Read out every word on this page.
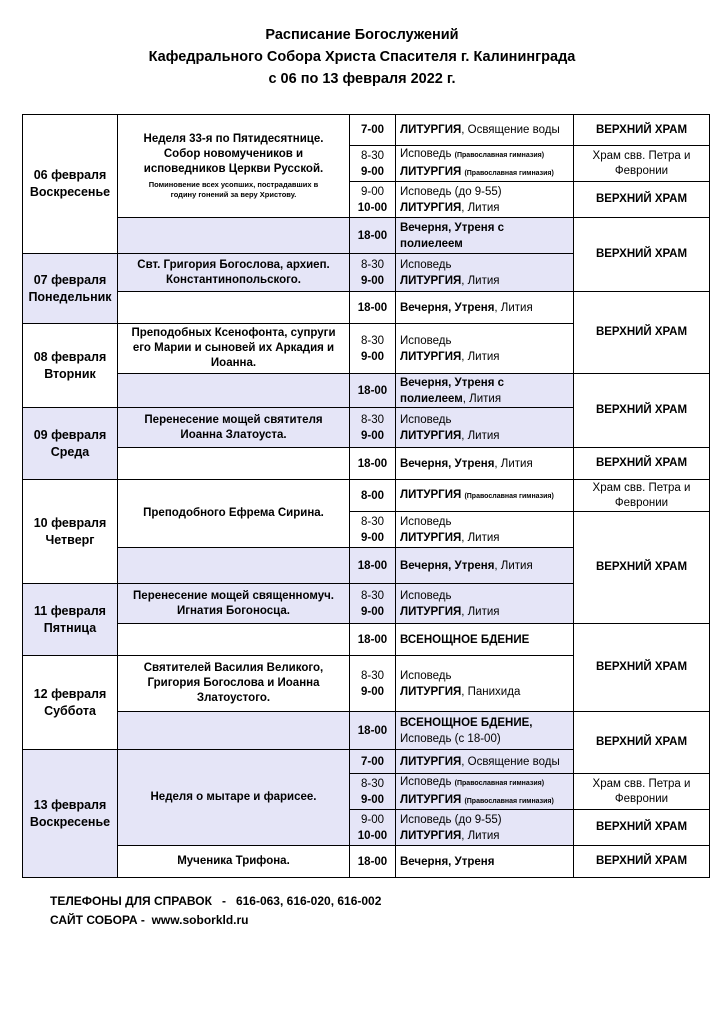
Расписание Богослужений
Кафедрального Собора Христа Спасителя г. Калининграда
с 06 по 13 февраля 2022 г.
06 февраля
Воскресенье
07 февраля
Понедельник
08 февраля
Вторник
09 февраля
Среда
10 февраля
Четверг
11 февраля
Пятница
12 февраля
Суббота
13 февраля
Воскресенье
Неделя 33-я по Пятидесятнице.
Собор новомучеников и
исповедников Церкви Русской.
Поминовение всех усопших, пострадавших в
годину гонений за веру Христову.
Свт. Григория Богослова, архиеп.
Константинопольского.
Преподобных Ксенофонта, супруги
его Марии и сыновей их Аркадия и
Иоанна.
Перенесение мощей святителя
Иоанна Златоуста.
Преподобного Ефрема Сирина.
Перенесение мощей священномуч.
Игнатия Богоносца.
Святителей Василия Великого,
Григория Богослова и Иоанна
Златоустого.
Неделя о мытаре и фарисее.
Мученика Трифона.
7-00 ЛИТУРГИЯ, Освящение воды
8-30
9-00
Исповедь (Православная гимназия)
ЛИТУРГИЯ (Православная гимназия)
9-00
10-00
Исповедь (до 9-55)
ЛИТУРГИЯ, Лития
18-00
Вечерня, Утреня с
полиелеем
8-30
9-00
Исповедь
ЛИТУРГИЯ, Лития
18-00 Вечерня, Утреня, Лития
8-30
9-00
Исповедь
ЛИТУРГИЯ, Лития
18-00
Вечерня, Утреня с
полиелеем, Лития
8-30
9-00
Исповедь
ЛИТУРГИЯ, Лития
18-00 Вечерня, Утреня, Лития
8-00 ЛИТУРГИЯ (Православная гимназия)
8-30
9-00
Исповедь
ЛИТУРГИЯ, Лития
18-00 Вечерня, Утреня, Лития
8-30
9-00
Исповедь
ЛИТУРГИЯ, Лития
18-00 ВСЕНОЩНОЕ БДЕНИЕ
8-30
9-00
Исповедь
ЛИТУРГИЯ, Панихида
18-00
ВСЕНОЩНОЕ БДЕНИЕ,
Исповедь (с 18-00)
7-00 ЛИТУРГИЯ, Освящение воды
8-30
9-00
Исповедь (Православная гимназия)
ЛИТУРГИЯ (Православная гимназия)
9-00
10-00
Исповедь (до 9-55)
ЛИТУРГИЯ, Лития
18-00 Вечерня, Утреня
ВЕРХНИЙ ХРАМ
Храм свв. Петра и
Февронии
ВЕРХНИЙ ХРАМ
ВЕРХНИЙ ХРАМ
ВЕРХНИЙ ХРАМ
ВЕРХНИЙ ХРАМ
ВЕРХНИЙ ХРАМ
Храм свв. Петра и
Февронии
ВЕРХНИЙ ХРАМ
ВЕРХНИЙ ХРАМ
ВЕРХНИЙ ХРАМ
Храм свв. Петра и
Февронии
ВЕРХНИЙ ХРАМ
ВЕРХНИЙ ХРАМ
ТЕЛЕФОНЫ ДЛЯ СПРАВОК   -   616-063, 616-020, 616-002
САЙТ СОБОРА -  www.soborkld.ru
